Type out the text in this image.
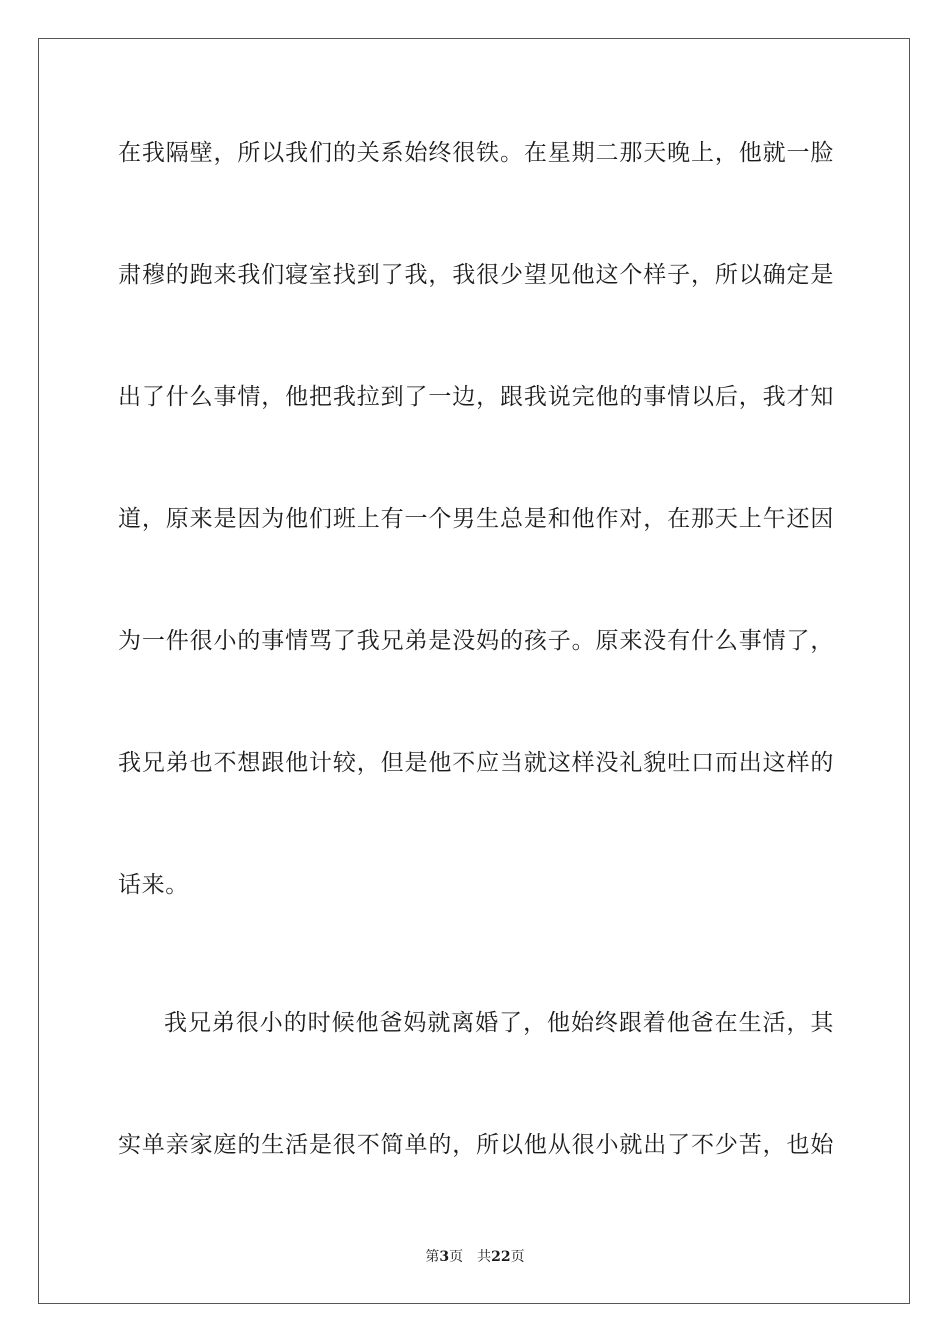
在我隔壁，所以我们的关系始终很铁。在星期二那天晚上，他就一脸
肃穆的跑来我们寝室找到了我，我很少望见他这个样子，所以确定是
出了什么事情，他把我拉到了一边，跟我说完他的事情以后，我才知
道，原来是因为他们班上有一个男生总是和他作对，在那天上午还因
为一件很小的事情骂了我兄弟是没妈的孩子。原来没有什么事情了，
我兄弟也不想跟他计较，但是他不应当就这样没礼貌吐口而出这样的
话来。
我兄弟很小的时候他爸妈就离婚了，他始终跟着他爸在生活，其
实单亲家庭的生活是很不简单的，所以他从很小就出了不少苦，也始
第3页 共22页
